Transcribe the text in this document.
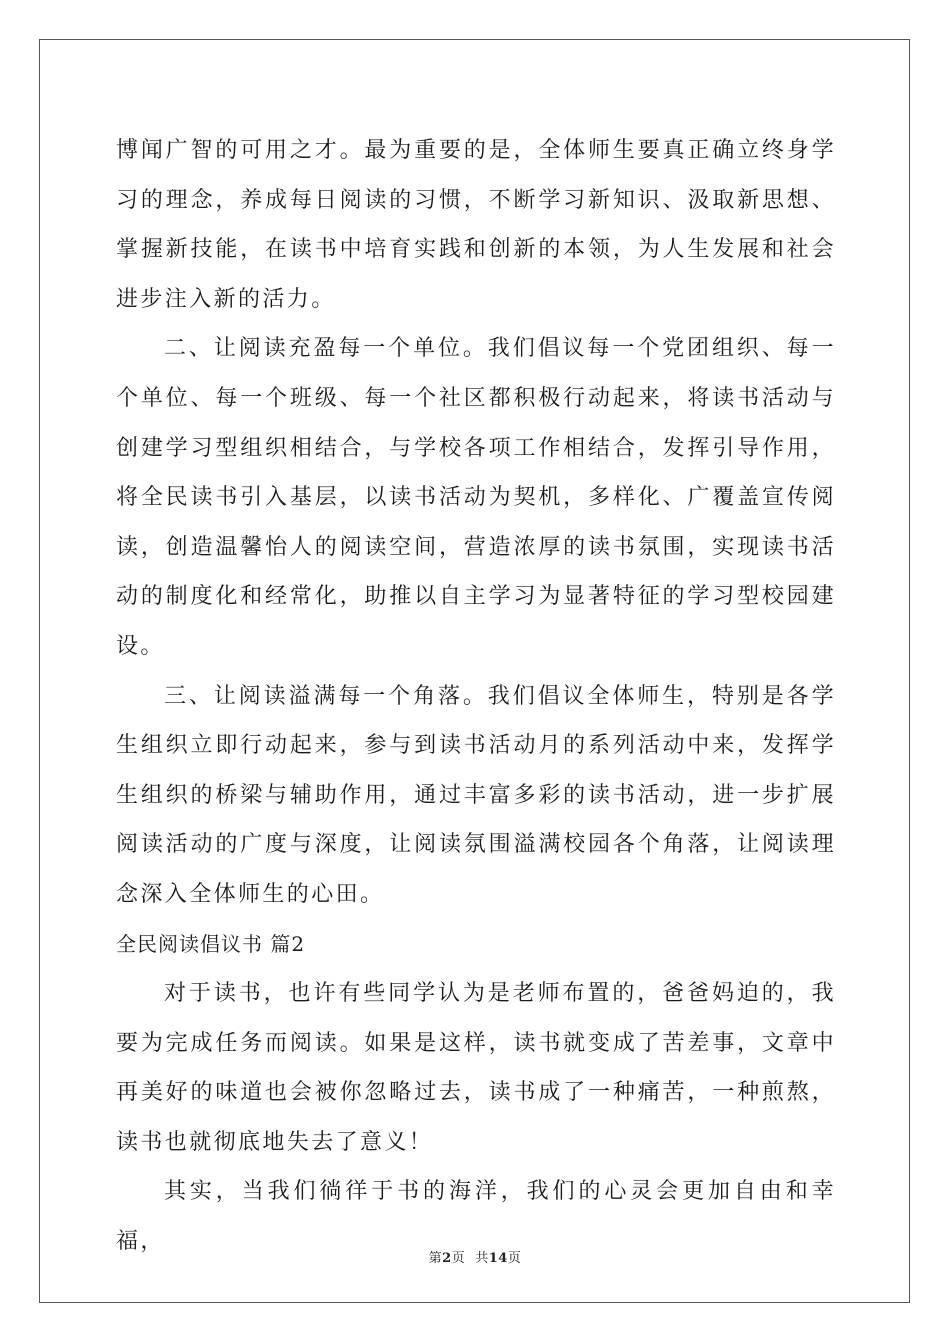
博闻广智的可用之才。最为重要的是，全体师生要真正确立终身学习的理念，养成每日阅读的习惯，不断学习新知识、汲取新思想、掌握新技能，在读书中培育实践和创新的本领，为人生发展和社会进步注入新的活力。

二、让阅读充盈每一个单位。我们倡议每一个党团组织、每一个单位、每一个班级、每一个社区都积极行动起来，将读书活动与创建学习型组织相结合，与学校各项工作相结合，发挥引导作用，将全民读书引入基层，以读书活动为契机，多样化、广覆盖宣传阅读，创造温馨怡人的阅读空间，营造浓厚的读书氛围，实现读书活动的制度化和经常化，助推以自主学习为显著特征的学习型校园建设。

三、让阅读溢满每一个角落。我们倡议全体师生，特别是各学生组织立即行动起来，参与到读书活动月的系列活动中来，发挥学生组织的桥梁与辅助作用，通过丰富多彩的读书活动，进一步扩展阅读活动的广度与深度，让阅读氛围溢满校园各个角落，让阅读理念深入全体师生的心田。

全民阅读倡议书 篇2

对于读书，也许有些同学认为是老师布置的，爸爸妈迫的，我要为完成任务而阅读。如果是这样，读书就变成了苦差事，文章中再美好的味道也会被你忽略过去，读书成了一种痛苦，一种煎熬，读书也就彻底地失去了意义！

其实，当我们徜徉于书的海洋，我们的心灵会更加自由和幸福，

第2页 共14页
